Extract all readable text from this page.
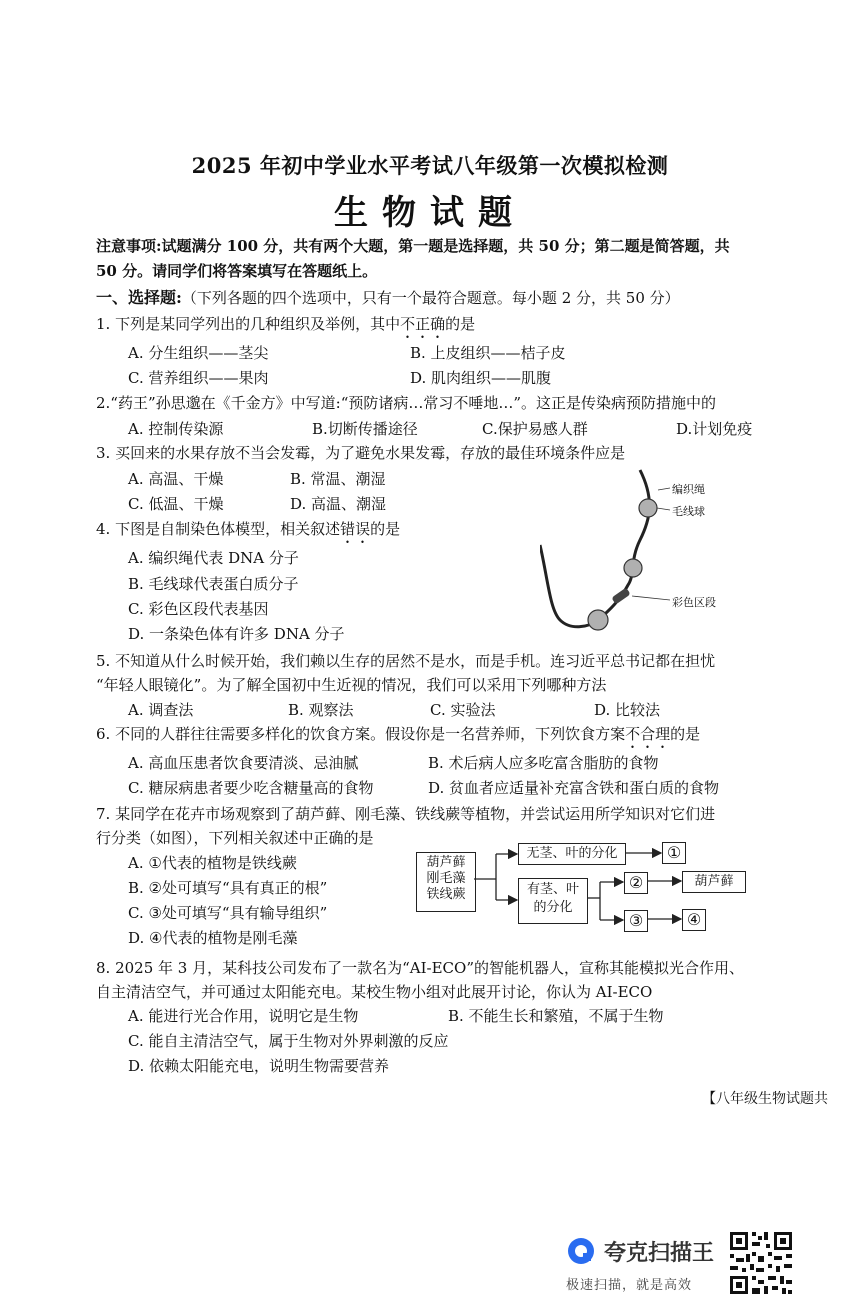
2025 年初中学业水平考试八年级第一次模拟检测
生物试题
注意事项:试题满分 100 分，共有两个大题，第一题是选择题，共 50 分；第二题是简答题，共
50 分。请同学们将答案填写在答题纸上。
一、选择题:（下列各题的四个选项中，只有一个最符合题意。每小题 2 分，共 50 分）
1. 下列是某同学列出的几种组织及举例，其中不正确的是
A. 分生组织——茎尖	B. 上皮组织——桔子皮
C. 营养组织——果肉	D. 肌肉组织——肌腹
2.“药王”孙思邈在《千金方》中写道:“预防诸病…常习不唾地…”。这正是传染病预防措施中的
A. 控制传染源	B.切断传播途径	C.保护易感人群	D.计划免疫
3. 买回来的水果存放不当会发霉，为了避免水果发霉，存放的最佳环境条件应是
A. 高温、干燥	B. 常温、潮湿
C. 低温、干燥	D. 高温、潮湿
4. 下图是自制染色体模型，相关叙述错误的是
A. 编织绳代表 DNA 分子
B. 毛线球代表蛋白质分子
C. 彩色区段代表基因
D. 一条染色体有许多 DNA 分子
编织绳
毛线球
彩色区段
5. 不知道从什么时候开始，我们赖以生存的居然不是水，而是手机。连习近平总书记都在担忧
“年轻人眼镜化”。为了解全国初中生近视的情况，我们可以采用下列哪种方法
A. 调查法	B. 观察法	C. 实验法	D. 比较法
6. 不同的人群往往需要多样化的饮食方案。假设你是一名营养师，下列饮食方案不合理的是
A. 高血压患者饮食要清淡、忌油腻	B. 术后病人应多吃富含脂肪的食物
C. 糖尿病患者要少吃含糖量高的食物	D. 贫血者应适量补充富含铁和蛋白质的食物
7. 某同学在花卉市场观察到了葫芦藓、刚毛藻、铁线蕨等植物，并尝试运用所学知识对它们进
行分类（如图），下列相关叙述中正确的是
A. ①代表的植物是铁线蕨
B. ②处可填写“具有真正的根”
C. ③处可填写“具有输导组织”
D. ④代表的植物是刚毛藻
葫芦藓
刚毛藻
铁线蕨
无茎、叶的分化
有茎、叶
的分化
①
②	葫芦藓
③	④
8. 2025 年 3 月，某科技公司发布了一款名为“AI-ECO”的智能机器人，宣称其能模拟光合作用、
自主清洁空气，并可通过太阳能充电。某校生物小组对此展开讨论，你认为 AI-ECO
A. 能进行光合作用，说明它是生物	B. 不能生长和繁殖，不属于生物
C. 能自主清洁空气，属于生物对外界刺激的反应
D. 依赖太阳能充电，说明生物需要营养
【八年级生物试题共
夸克扫描王
极速扫描，就是高效
